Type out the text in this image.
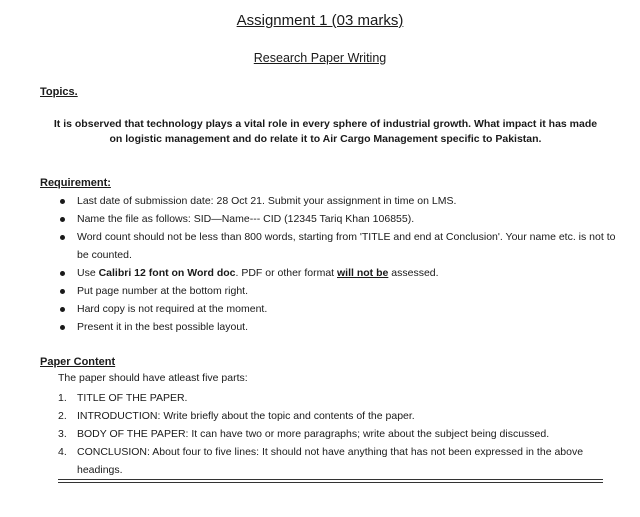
Assignment 1 (03 marks)
Research Paper Writing
Topics.
It is observed that technology plays a vital role in every sphere of industrial growth. What impact it has made on logistic management and do relate it to Air Cargo Management specific to Pakistan.
Requirement:
Last date of submission date: 28 Oct 21. Submit your assignment in time on LMS.
Name the file as follows: SID—Name--- CID (12345 Tariq Khan 106855).
Word count should not be less than 800 words, starting from 'TITLE and end at Conclusion'. Your name etc. is not to be counted.
Use Calibri 12 font on Word doc. PDF or other format will not be assessed.
Put page number at the bottom right.
Hard copy is not required at the moment.
Present it in the best possible layout.
Paper Content
The paper should have atleast five parts:
1. TITLE OF THE PAPER.
2. INTRODUCTION: Write briefly about the topic and contents of the paper.
3. BODY OF THE PAPER: It can have two or more paragraphs; write about the subject being discussed.
4. CONCLUSION: About four to five lines: It should not have anything that has not been expressed in the above headings.
